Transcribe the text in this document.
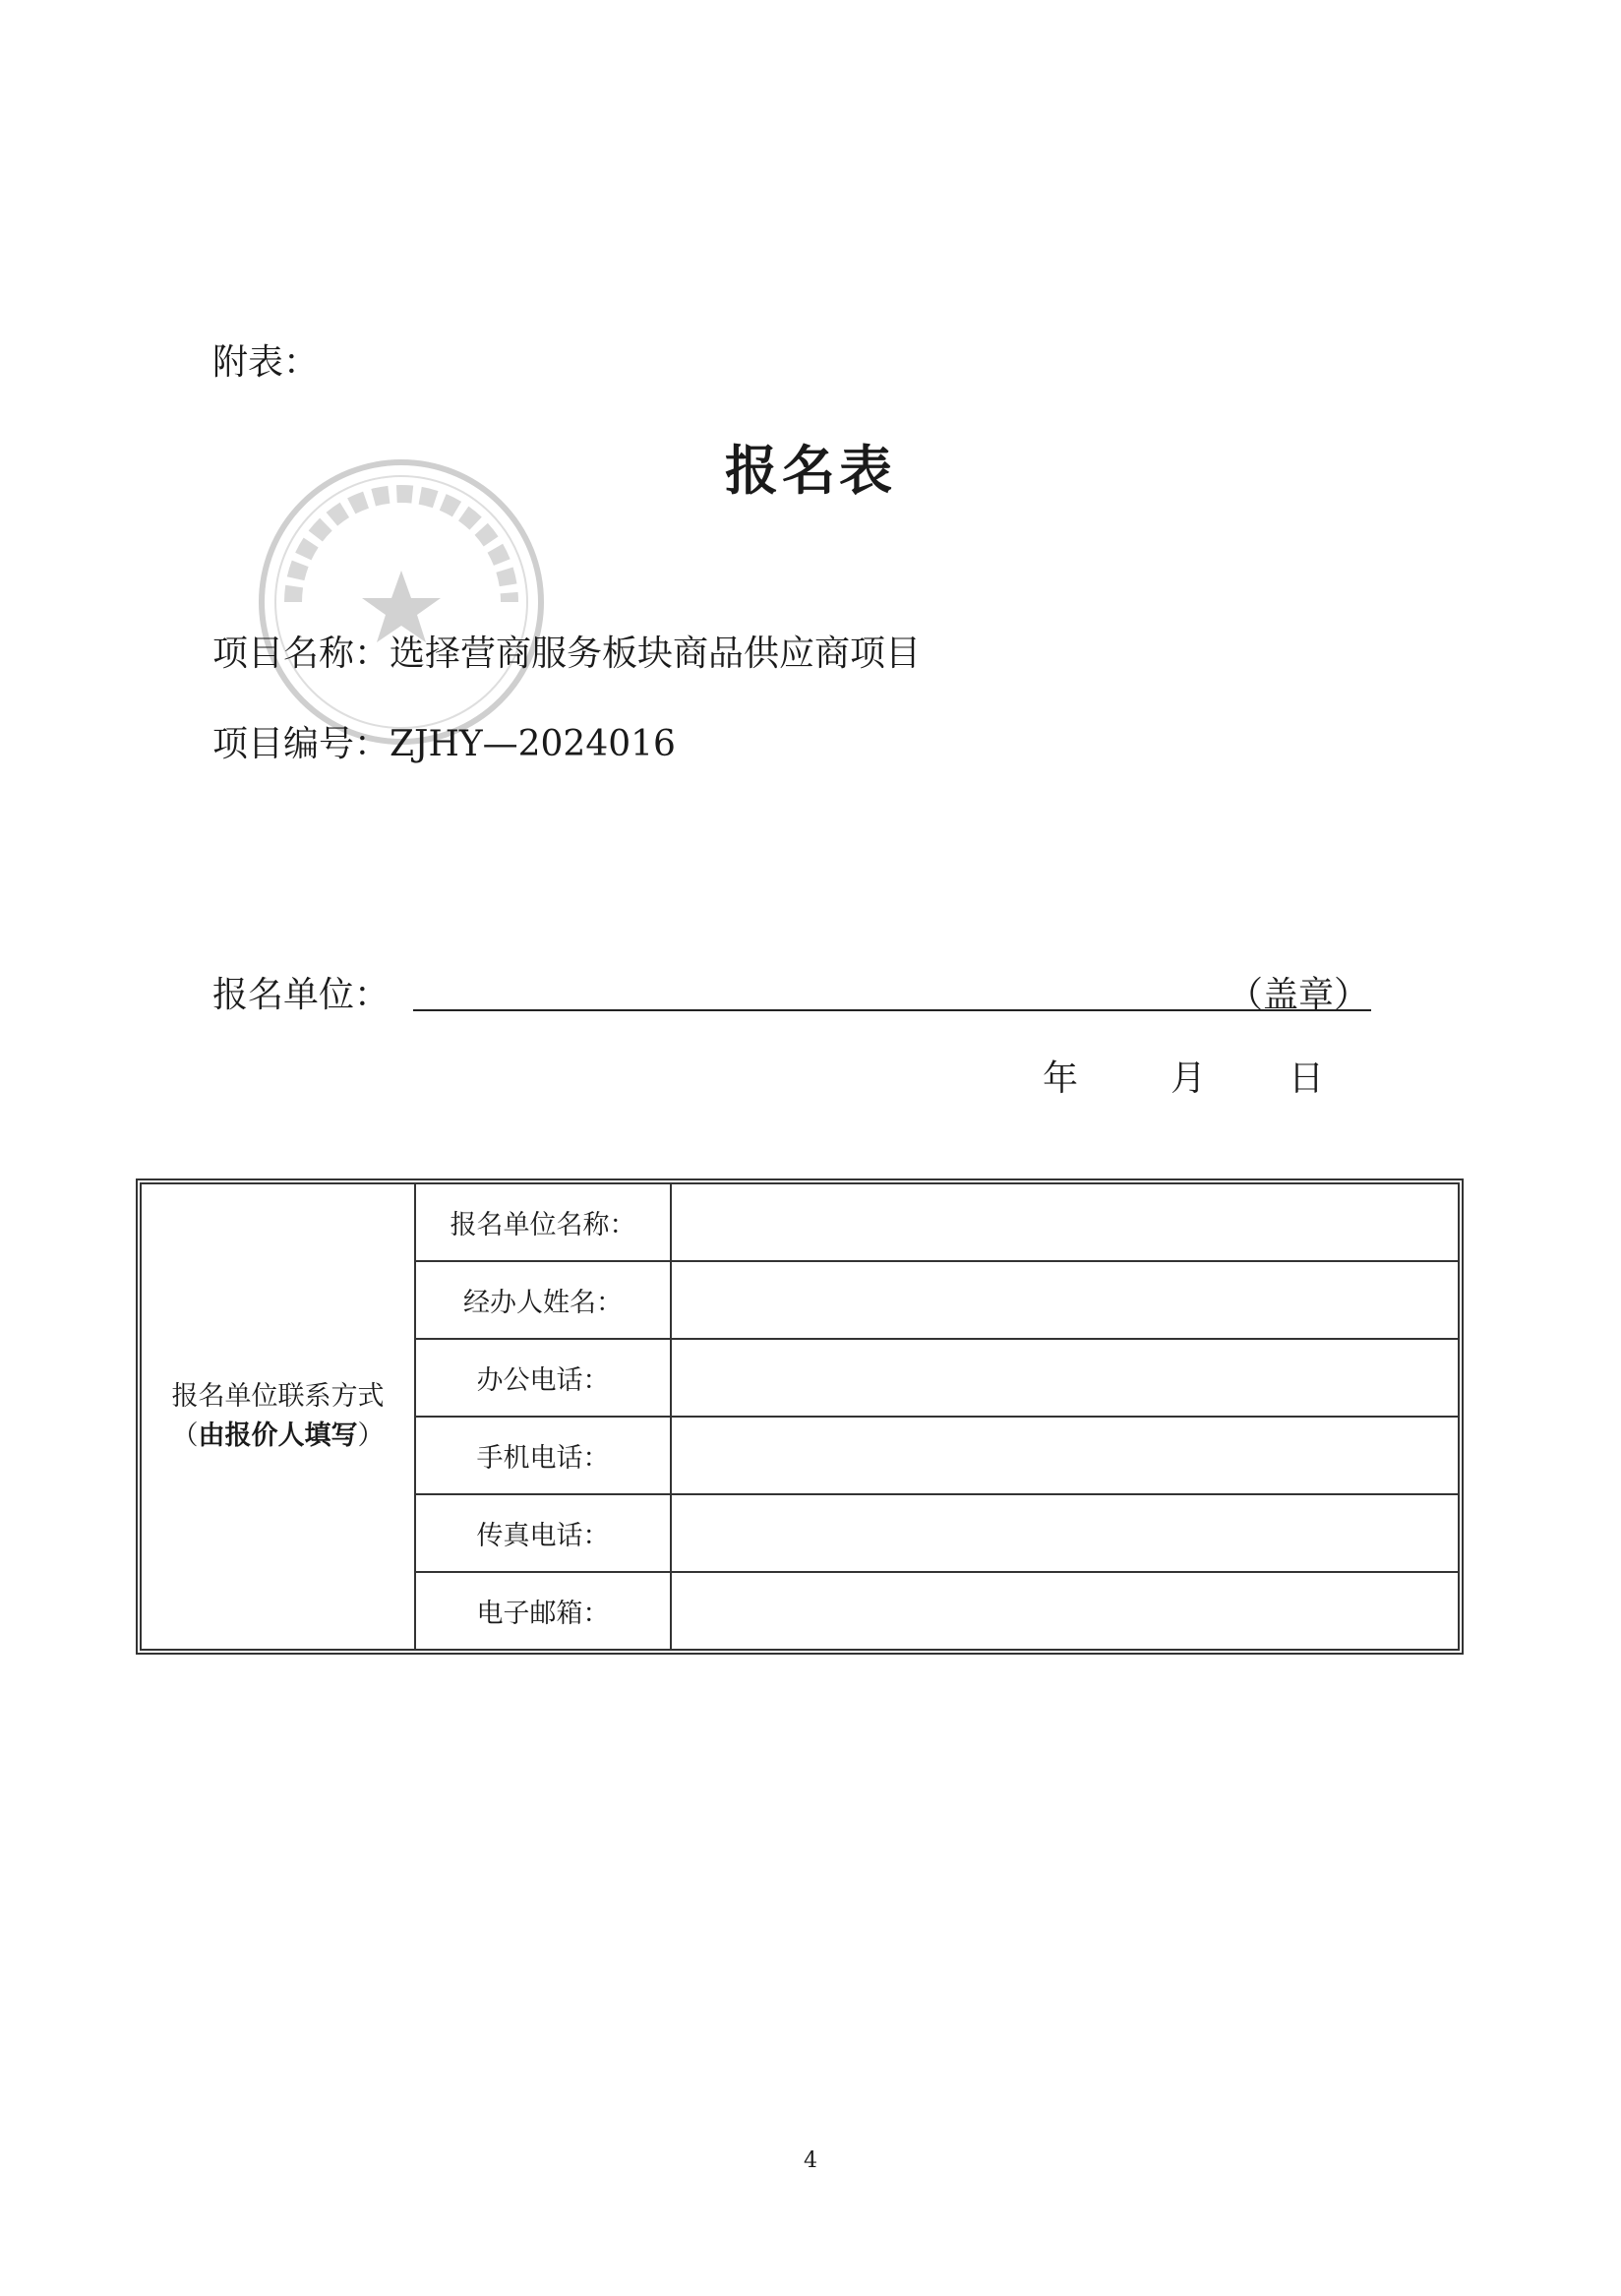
附表：
报名表
项目名称：选择营商服务板块商品供应商项目
项目编号：ZJHY—2024016
报名单位：	（盖章）
年	月 日
报名单位联系方式
（由报价人填写）	报名单位名称：	
	经办人姓名：	
	办公电话：	
	手机电话：	
	传真电话：	
	电子邮箱：	
4
